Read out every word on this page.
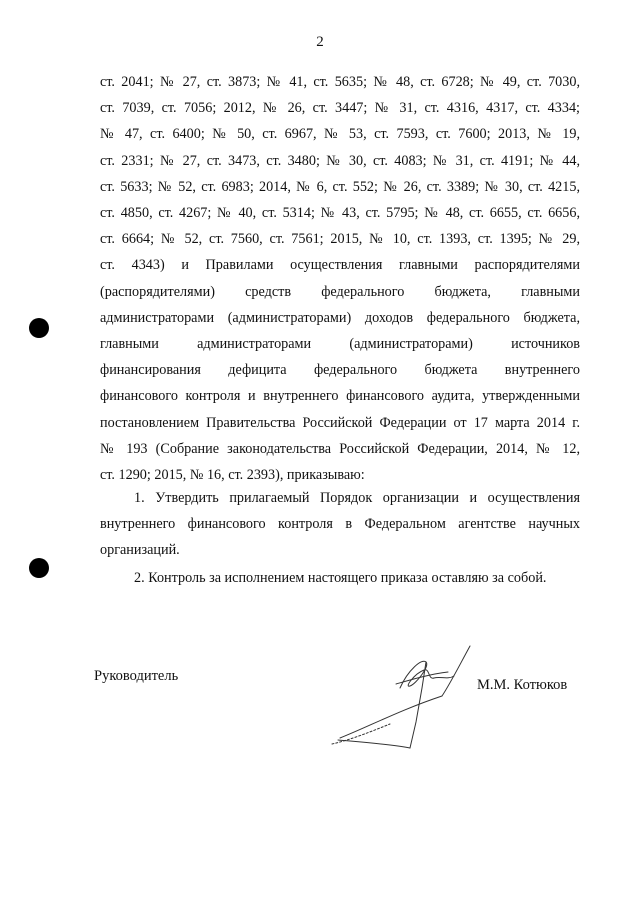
2
ст. 2041; № 27, ст. 3873; № 41, ст. 5635; № 48, ст. 6728; № 49, ст. 7030,
ст. 7039, ст. 7056; 2012, № 26, ст. 3447; № 31, ст. 4316, 4317, ст. 4334;
№ 47, ст. 6400; № 50, ст. 6967, № 53, ст. 7593, ст. 7600; 2013, № 19,
ст. 2331; № 27, ст. 3473, ст. 3480; № 30, ст. 4083; № 31, ст. 4191; № 44,
ст. 5633; № 52, ст. 6983; 2014, № 6, ст. 552; № 26, ст. 3389; № 30, ст. 4215,
ст. 4850, ст. 4267; № 40, ст. 5314; № 43, ст. 5795; № 48, ст. 6655, ст. 6656,
ст. 6664; № 52, ст. 7560, ст. 7561; 2015, № 10, ст. 1393, ст. 1395; № 29,
ст. 4343) и Правилами осуществления главными распорядителями
(распорядителями) средств федерального бюджета, главными
администраторами (администраторами) доходов федерального бюджета,
главными администраторами (администраторами) источников
финансирования дефицита федерального бюджета внутреннего
финансового контроля и внутреннего финансового аудита, утвержденными
постановлением Правительства Российской Федерации от 17 марта 2014 г.
№ 193 (Собрание законодательства Российской Федерации, 2014, № 12,
ст. 1290; 2015, № 16, ст. 2393), приказываю:
1. Утвердить прилагаемый Порядок организации и осуществления
внутреннего финансового контроля в Федеральном агентстве научных
организаций.
2. Контроль за исполнением настоящего приказа оставляю за собой.
Руководитель
М.М. Котюков
